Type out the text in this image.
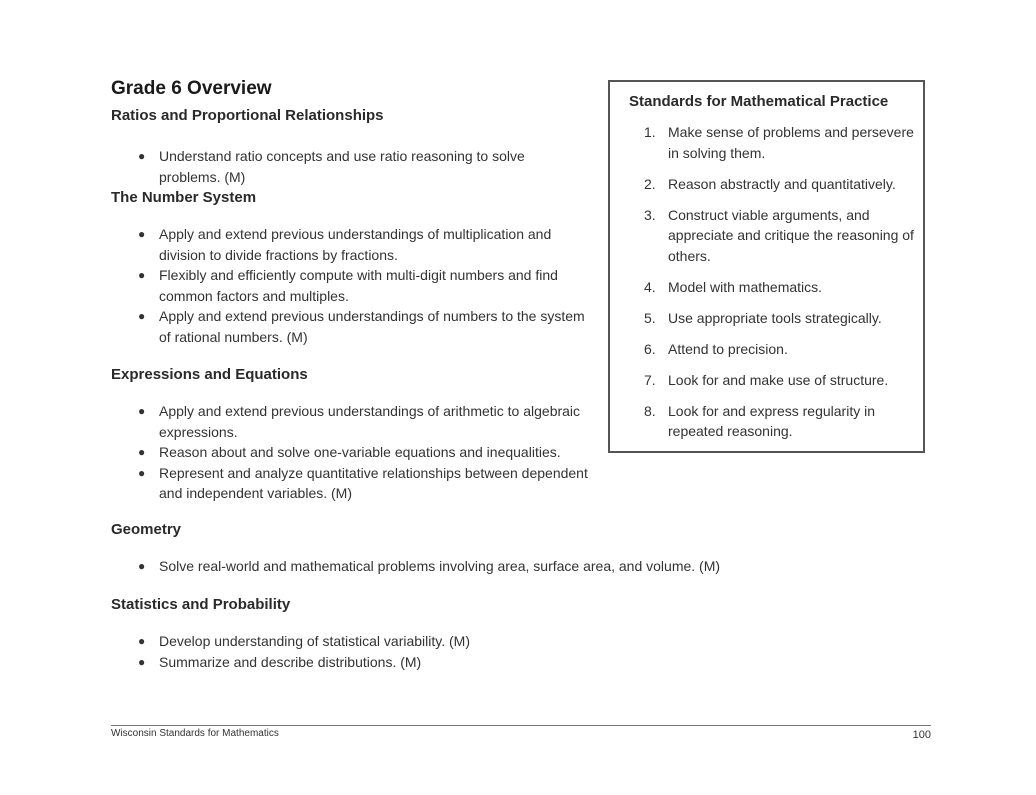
Grade 6 Overview
Ratios and Proportional Relationships
● Understand ratio concepts and use ratio reasoning to solve problems. (M)
The Number System
● Apply and extend previous understandings of multiplication and division to divide fractions by fractions.
● Flexibly and efficiently compute with multi-digit numbers and find common factors and multiples.
● Apply and extend previous understandings of numbers to the system of rational numbers. (M)
Expressions and Equations
● Apply and extend previous understandings of arithmetic to algebraic expressions.
● Reason about and solve one-variable equations and inequalities.
● Represent and analyze quantitative relationships between dependent and independent variables. (M)
Geometry
● Solve real-world and mathematical problems involving area, surface area, and volume. (M)
Statistics and Probability
● Develop understanding of statistical variability. (M)
● Summarize and describe distributions. (M)
Standards for Mathematical Practice
1. Make sense of problems and persevere in solving them.
2. Reason abstractly and quantitatively.
3. Construct viable arguments, and appreciate and critique the reasoning of others.
4. Model with mathematics.
5. Use appropriate tools strategically.
6. Attend to precision.
7. Look for and make use of structure.
8. Look for and express regularity in repeated reasoning.
Wisconsin Standards for Mathematics	100
